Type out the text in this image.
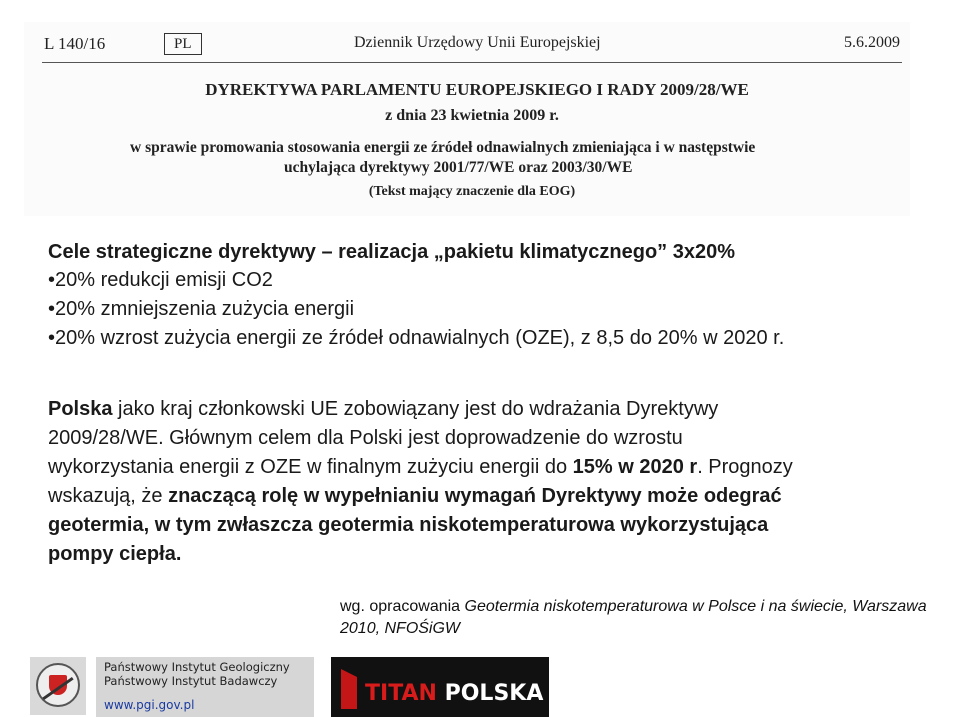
L 140/16	PL	Dziennik Urzędowy Unii Europejskiej	5.6.2009
DYREKTYWA PARLAMENTU EUROPEJSKIEGO I RADY 2009/28/WE
z dnia 23 kwietnia 2009 r.
w sprawie promowania stosowania energii ze źródeł odnawialnych zmieniająca i w następstwie
uchylająca dyrektywy 2001/77/WE oraz 2003/30/WE
(Tekst mający znaczenie dla EOG)

Cele strategiczne dyrektywy – realizacja „pakietu klimatycznego” 3x20%

• 20% redukcji emisji CO2
• 20% zmniejszenia zużycia energii
• 20% wzrost zużycia energii ze źródeł odnawialnych (OZE), z 8,5 do 20% w 2020 r.

Polska jako kraj członkowski UE zobowiązany jest do wdrażania Dyrektywy 2009/28/WE. Głównym celem dla Polski jest doprowadzenie do wzrostu wykorzystania energii z OZE w finalnym zużyciu energii do 15% w 2020 r. Prognozy wskazują, że znaczącą rolę w wypełnianiu wymagań Dyrektywy może odegrać geotermia, w tym zwłaszcza geotermia niskotemperaturowa wykorzystująca pompy ciepła.

wg. opracowania Geotermia niskotemperaturowa w Polsce i na świecie, Warszawa 2010, NFOŚiGW
Państwowy Instytut Geologiczny
Państwowy Instytut Badawczy
www.pgi.gov.pl	TITAN POLSKA
